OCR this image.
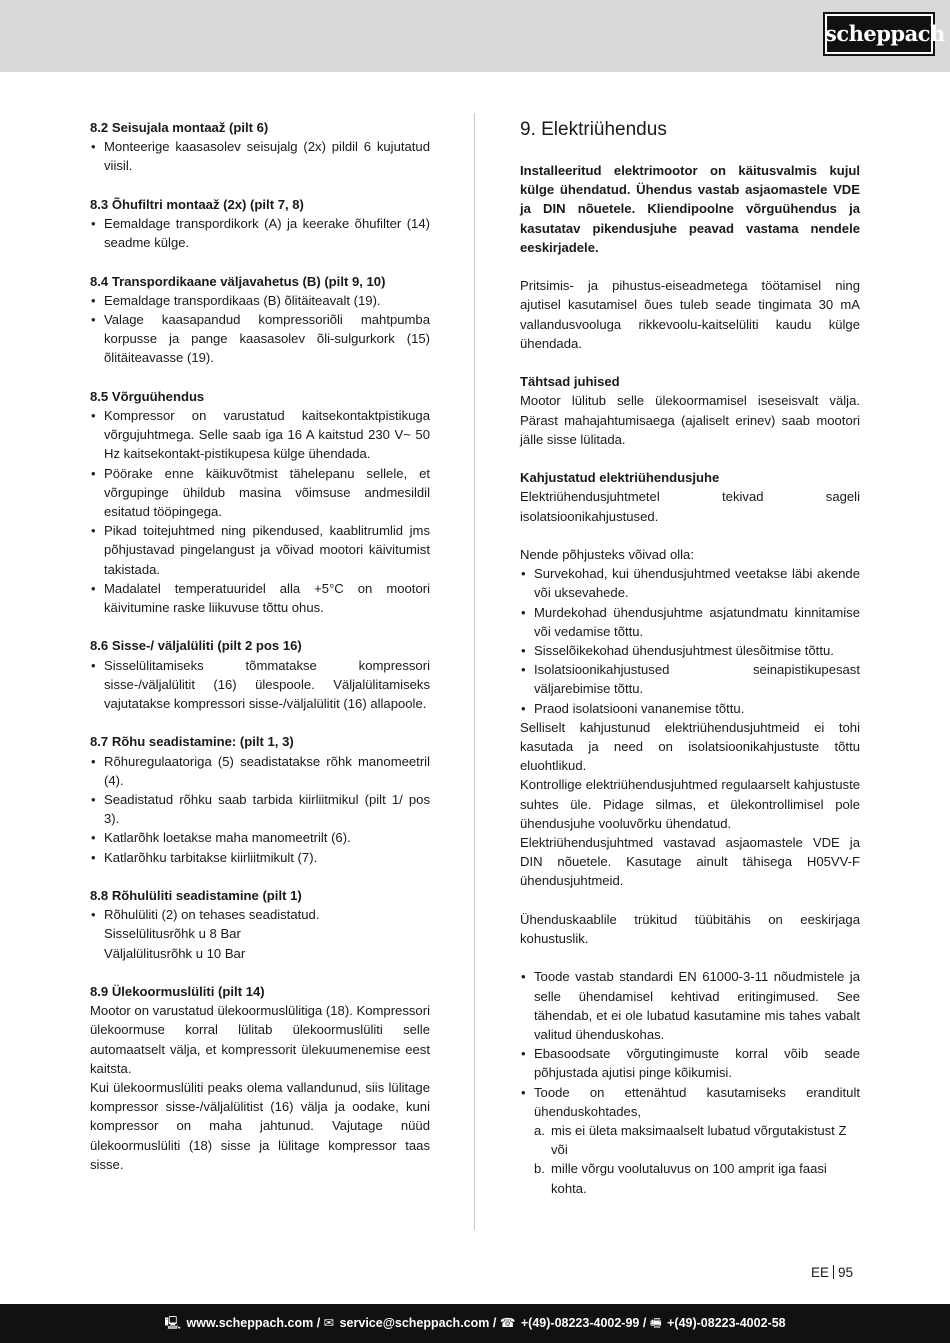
scheppach
8.2 Seisujala montaaž (pilt 6)
• Monteerige kaasasolev seisujalg (2x) pildil 6 kujutatud viisil.
8.3 Õhufiltri montaaž (2x) (pilt 7, 8)
• Eemaldage transpordikork (A) ja keerake õhufilter (14) seadme külge.
8.4 Transpordikaane väljavahetus (B) (pilt 9, 10)
• Eemaldage transpordikaas (B) õlitäiteavalt (19).
• Valage kaasapandud kompressoriõli mahtpumba korpusse ja pange kaasasolev õli-sulgurkork (15) õlitäiteavasse (19).
8.5 Võrguühendus
• Kompressor on varustatud kaitsekontaktpistikuga võrgujuhtmega. Selle saab iga 16 A kaitstud 230 V~ 50 Hz kaitsekontakt-pistikupesa külge ühendada.
• Pöörake enne käikuvõtmist tähelepanu sellele, et võrgupinge ühildub masina võimsuse andmesildil esitatud tööpingega.
• Pikad toitejuhtmed ning pikendused, kaablitrumlid jms põhjustavad pingelangust ja võivad mootori käivitumist takistada.
• Madalatel temperatuuridel alla +5°C on mootori käivitumine raske liikuvuse tõttu ohus.
8.6 Sisse-/ väljalüliti (pilt 2 pos 16)
• Sisselülitamiseks tõmmatakse kompressori sisse-/väljalülitit (16) ülespoole. Väljalülitamiseks vajutatakse kompressori sisse-/väljalülitit (16) allapoole.
8.7 Rõhu seadistamine: (pilt 1, 3)
• Rõhuregulaatoriga (5) seadistatakse rõhk manomeetril (4).
• Seadistatud rõhku saab tarbida kiirliitmikul (pilt 1/ pos 3).
• Katlarõhk loetakse maha manomeetrilt (6).
• Katlarõhku tarbitakse kiirliitmikult (7).
8.8 Rõhulüliti seadistamine (pilt 1)
• Rõhulüliti (2) on tehases seadistatud.
Sisselülitusrõhk u 8 Bar
Väljalülitusrõhk u 10 Bar
8.9 Ülekoormuslüliti (pilt 14)

Mootor on varustatud ülekoormuslülitiga (18). Kompressori ülekoormuse korral lülitab ülekoormuslüliti selle automaatselt välja, et kompressorit ülekuumenemise eest kaitsta.

Kui ülekoormuslüliti peaks olema vallandunud, siis lülitage kompressor sisse-/väljalülitist (16) välja ja oodake, kuni kompressor on maha jahtunud. Vajutage nüüd ülekoormuslüliti (18) sisse ja lülitage kompressor taas sisse.

9. Elektriühendus

Installeeritud elektrimootor on käitusvalmis kujul külge ühendatud. Ühendus vastab asjaomastele VDE ja DIN nõuetele. Kliendipoolne võrguühendus ja kasutatav pikendusjuhe peavad vastama nendele eeskirjadele.

Pritsimis- ja pihustus-eiseadmetega töötamisel ning ajutisel kasutamisel õues tuleb seade tingimata 30 mA vallandusvooluga rikkevoolu-kaitselüliti kaudu külge ühendada.

Tähtsad juhised

Mootor lülitub selle ülekoormamisel iseseisvalt välja. Pärast mahajahtumisaega (ajaliselt erinev) saab mootori jälle sisse lülitada.

Kahjustatud elektriühendusjuhe

Elektriühendusjuhtmetel tekivad sageli isolatsioonikahjustused.

Nende põhjusteks võivad olla:

• Survekohad, kui ühendusjuhtmed veetakse läbi akende või uksevahede.
• Murdekohad ühendusjuhtme asjatundmatu kinnitamise või vedamise tõttu.
• Sisselõikekohad ühendusjuhtmest ülesõitmise tõttu.
• Isolatsioonikahjustused seinapistikupesast väljarebimise tõttu.
• Praod isolatsiooni vananemise tõttu.

Selliselt kahjustunud elektriühendusjuhtmeid ei tohi kasutada ja need on isolatsioonikahjustuste tõttu eluohtlikud.

Kontrollige elektriühendusjuhtmed regulaarselt kahjustuste suhtes üle. Pidage silmas, et ülekontrollimisel pole ühendusjuhe vooluvõrku ühendatud.

Elektriühendusjuhtmed vastavad asjaomastele VDE ja DIN nõuetele. Kasutage ainult tähisega H05VV-F ühendusjuhtmeid.

Ühenduskaablile trükitud tüübitähis on eeskirjaga kohustuslik.

• Toode vastab standardi EN 61000-3-11 nõudmistele ja selle ühendamisel kehtivad eritingimused. See tähendab, et ei ole lubatud kasutamine mis tahes vabalt valitud ühenduskohas.
• Ebasoodsate võrgutingimuste korral võib seade põhjustada ajutisi pinge kõikumisi.
• Toode on ettenähtud kasutamiseks eranditult ühenduskohtades,
a. mis ei ületa maksimaalselt lubatud võrgutakistust Z või
b. mille võrgu voolutaluvus on 100 amprit iga faasi kohta.
EE 95
🖳 www.scheppach.com / ✉ service@scheppach.com / ☎ +(49)-08223-4002-99 / 🖷 +(49)-08223-4002-58
